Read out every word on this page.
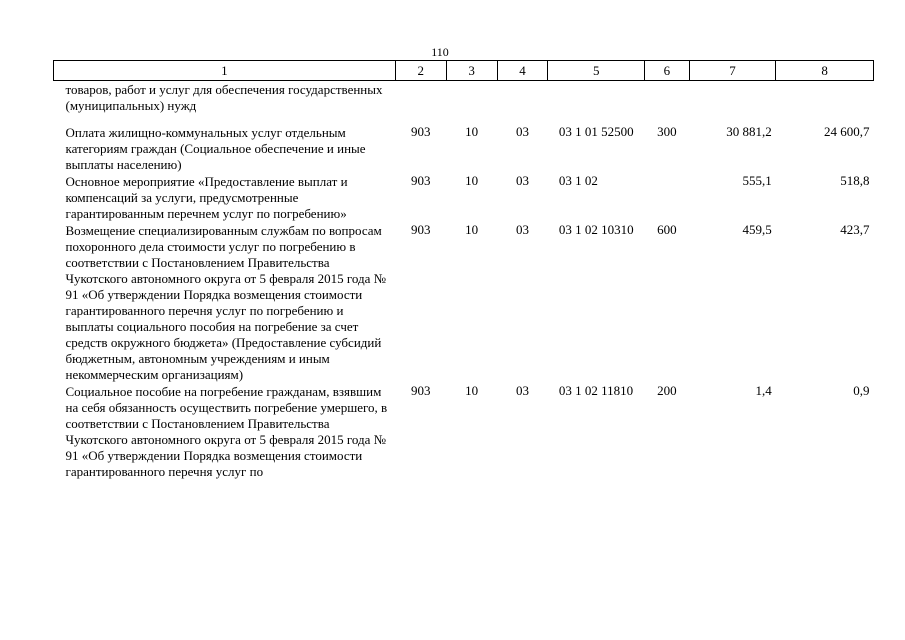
110
1	2	3	4	5	6	7	8
товаров, работ и услуг для обеспечения государственных (муниципальных) нужд							

Оплата жилищно-коммунальных услуг отдельным категориям граждан (Социальное обеспечение и иные выплаты населению)	903	10	03	03 1 01 52500	300	30 881,2	24 600,7
Основное мероприятие «Предоставление выплат и компенсаций за услуги, предусмотренные гарантированным перечнем услуг по погребению»	903	10	03	03 1 02		555,1	518,8
Возмещение специализированным службам по вопросам похоронного дела стоимости услуг по погребению в соответствии с Постановлением Правительства Чукотского автономного округа от 5 февраля 2015 года № 91 «Об утверждении Порядка возмещения стоимости гарантированного перечня услуг по погребению и выплаты социального пособия на погребение за счет средств окружного бюджета» (Предоставление субсидий бюджетным, автономным учреждениям и иным некоммерческим организациям)	903	10	03	03 1 02 10310	600	459,5	423,7
Социальное пособие на погребение гражданам, взявшим на себя обязанность осуществить погребение умершего, в соответствии с Постановлением Правительства Чукотского автономного округа от 5 февраля 2015 года № 91 «Об утверждении Порядка возмещения стоимости гарантированного перечня услуг по	903	10	03	03 1 02 11810	200	1,4	0,9
